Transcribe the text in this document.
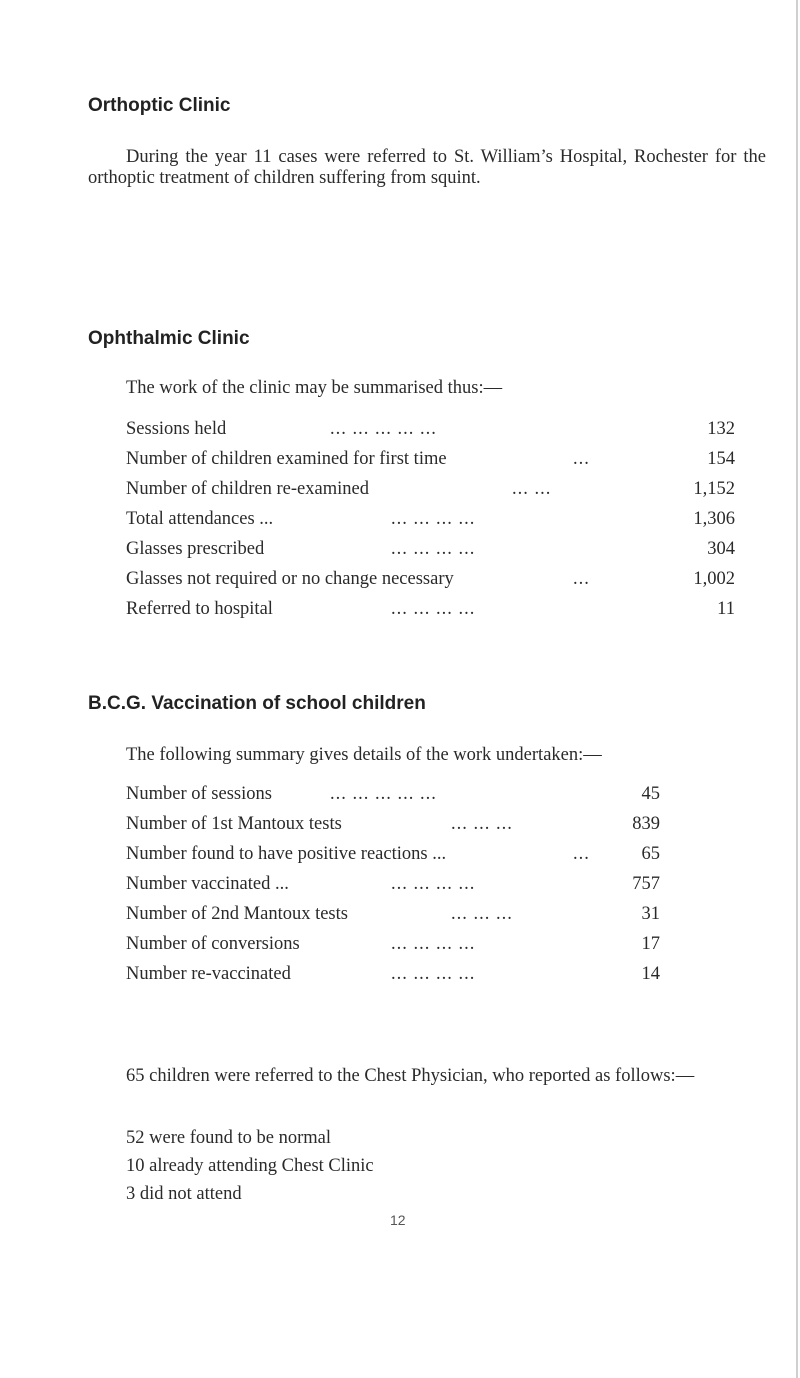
Orthoptic Clinic

During the year 11 cases were referred to St. William’s Hospital, Rochester for the orthoptic treatment of children suffering from squint.

Ophthalmic Clinic

The work of the clinic may be summarised thus:—

Sessions held	... ... ... ... ...	132
Number of children examined for first time	...	154
Number of children re-examined	... ...	1,152
Total attendances ...	... ... ... ...	1,306
Glasses prescribed	... ... ... ...	304
Glasses not required or no change necessary	...	1,002
Referred to hospital	... ... ... ...	11
B.C.G. Vaccination of school children

The following summary gives details of the work undertaken:—

Number of sessions	... ... ... ... ...	45
Number of 1st Mantoux tests	... ... ...	839
Number found to have positive reactions ...	...	65
Number vaccinated ...	... ... ... ...	757
Number of 2nd Mantoux tests	... ... ...	31
Number of conversions	... ... ... ...	17
Number re-vaccinated	... ... ... ...	14

65 children were referred to the Chest Physician, who reported as follows:—

52 were found to be normal

10 already attending Chest Clinic

3 did not attend

12
